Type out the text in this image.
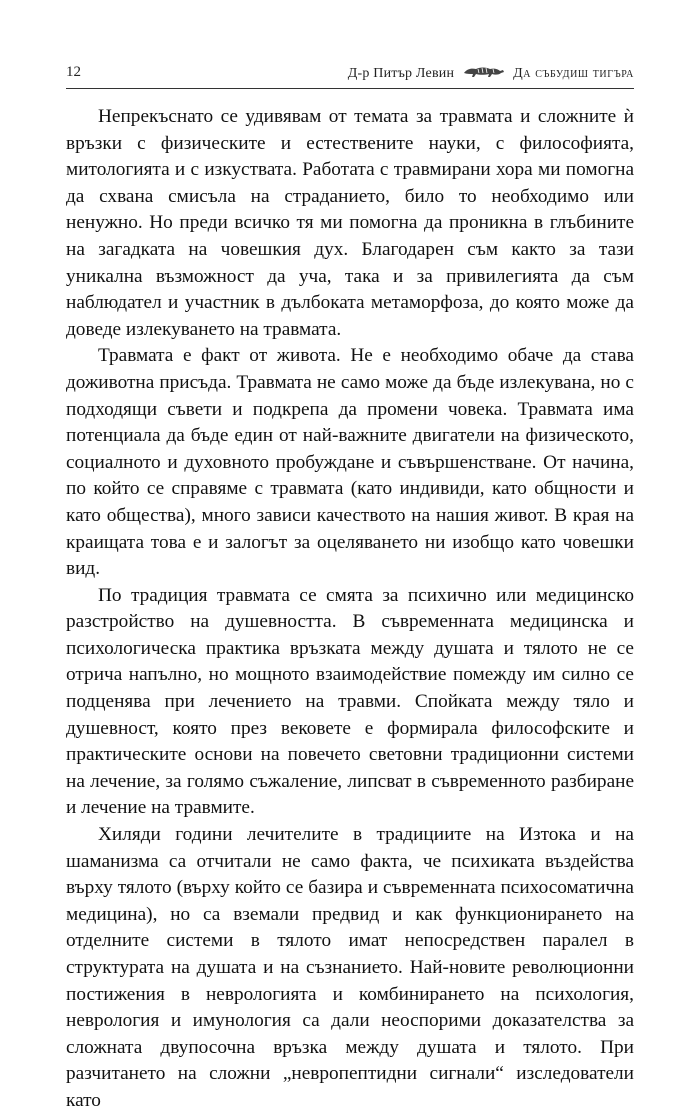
12	Д-р Питър Левин	Да събудиш тигъра

Непрекъснато се удивявам от темата за травмата и сложните ѝ връзки с физическите и естествените науки, с философията, митологията и с изкуствата. Работата с травмирани хора ми помогна да схвана смисъла на страданието, било то необходимо или ненужно. Но преди всичко тя ми помогна да проникна в глъбините на загадката на човешкия дух. Благодарен съм както за тази уникална възможност да уча, така и за привилегията да съм наблюдател и участник в дълбоката метаморфоза, до която може да доведе излекуването на травмата.

Травмата е факт от живота. Не е необходимо обаче да става доживотна присъда. Травмата не само може да бъде излекувана, но с подходящи съвети и подкрепа да промени човека. Травмата има потенциала да бъде един от най-важните двигатели на физическото, социалното и духовното пробуждане и съвършенстване. От начина, по който се справяме с травмата (като индивиди, като общности и като общества), много зависи качеството на нашия живот. В края на краищата това е и залогът за оцеляването ни изобщо като човешки вид.

По традиция травмата се смята за психично или медицинско разстройство на душевността. В съвременната медицинска и психологическа практика връзката между душата и тялото не се отрича напълно, но мощното взаимодействие помежду им силно се подценява при лечението на травми. Спойката между тяло и душевност, която през вековете е формирала философските и практическите основи на повечето световни традиционни системи на лечение, за голямо съжаление, липсват в съвременното разбиране и лечение на травмите.

Хиляди години лечителите в традициите на Изтока и на шаманизма са отчитали не само факта, че психиката въздейства върху тялото (върху който се базира и съвременната психосоматична медицина), но са вземали предвид и как функционирането на отделните системи в тялото имат непосредствен паралел в структурата на душата и на съзнанието. Най-новите революционни постижения в неврологията и комбинирането на психология, неврология и имунология са дали неоспорими доказателства за сложната двупосочна връзка между душата и тялото. При разчитането на сложни „невропептидни сигнали“ изследователи като
